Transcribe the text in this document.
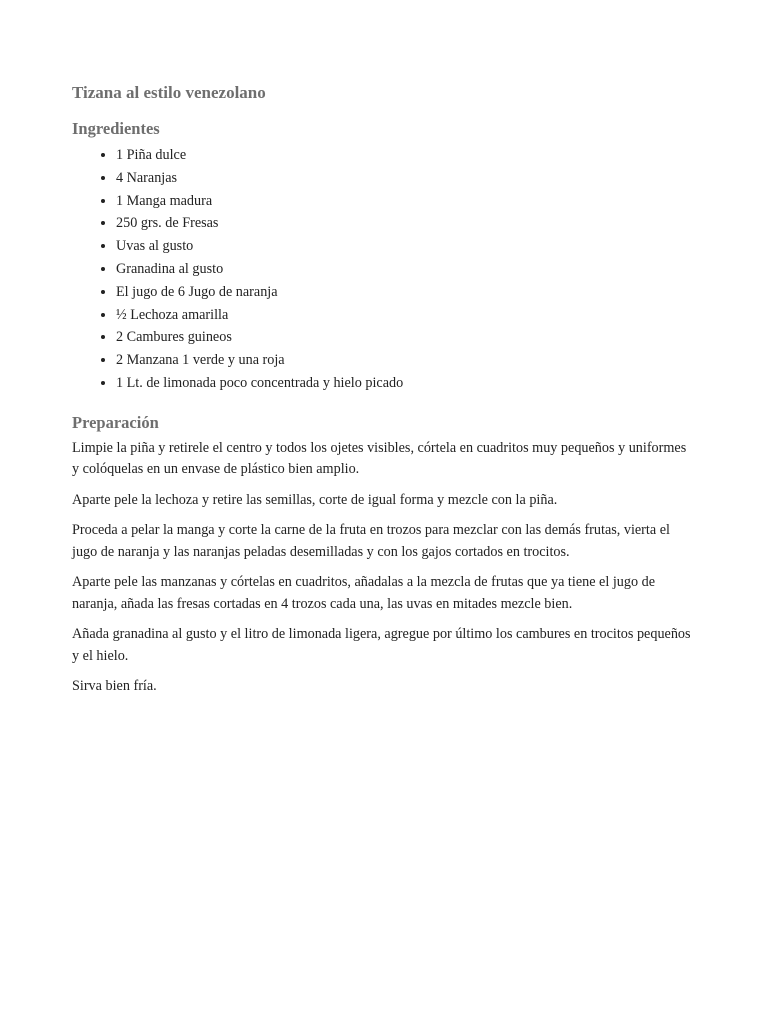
Tizana al estilo venezolano
Ingredientes
• 1 Piña dulce
• 4 Naranjas
• 1 Manga madura
• 250 grs. de Fresas
• Uvas al gusto
• Granadina al gusto
• El jugo de 6 Jugo de naranja
• ½ Lechoza amarilla
• 2 Cambures guineos
• 2 Manzana 1 verde y una roja
• 1 Lt. de limonada poco concentrada y hielo picado
Preparación

Limpie la piña y retirele el centro y todos los ojetes visibles, córtela en cuadritos muy pequeños y uniformes y colóquelas en un envase de plástico bien amplio.

Aparte pele la lechoza y retire las semillas, corte de igual forma y mezcle con la piña.

Proceda a pelar la manga y corte la carne de la fruta en trozos para mezclar con las demás frutas, vierta el jugo de naranja y las naranjas peladas desemilladas y con los gajos cortados en trocitos.

Aparte pele las manzanas y córtelas en cuadritos, añadalas a la mezcla de frutas que ya tiene el jugo de naranja, añada las fresas cortadas en 4 trozos cada una, las uvas en mitades mezcle bien.

Añada granadina al gusto y el litro de limonada ligera, agregue por último los cambures en trocitos pequeños y el hielo.

Sirva bien fría.
